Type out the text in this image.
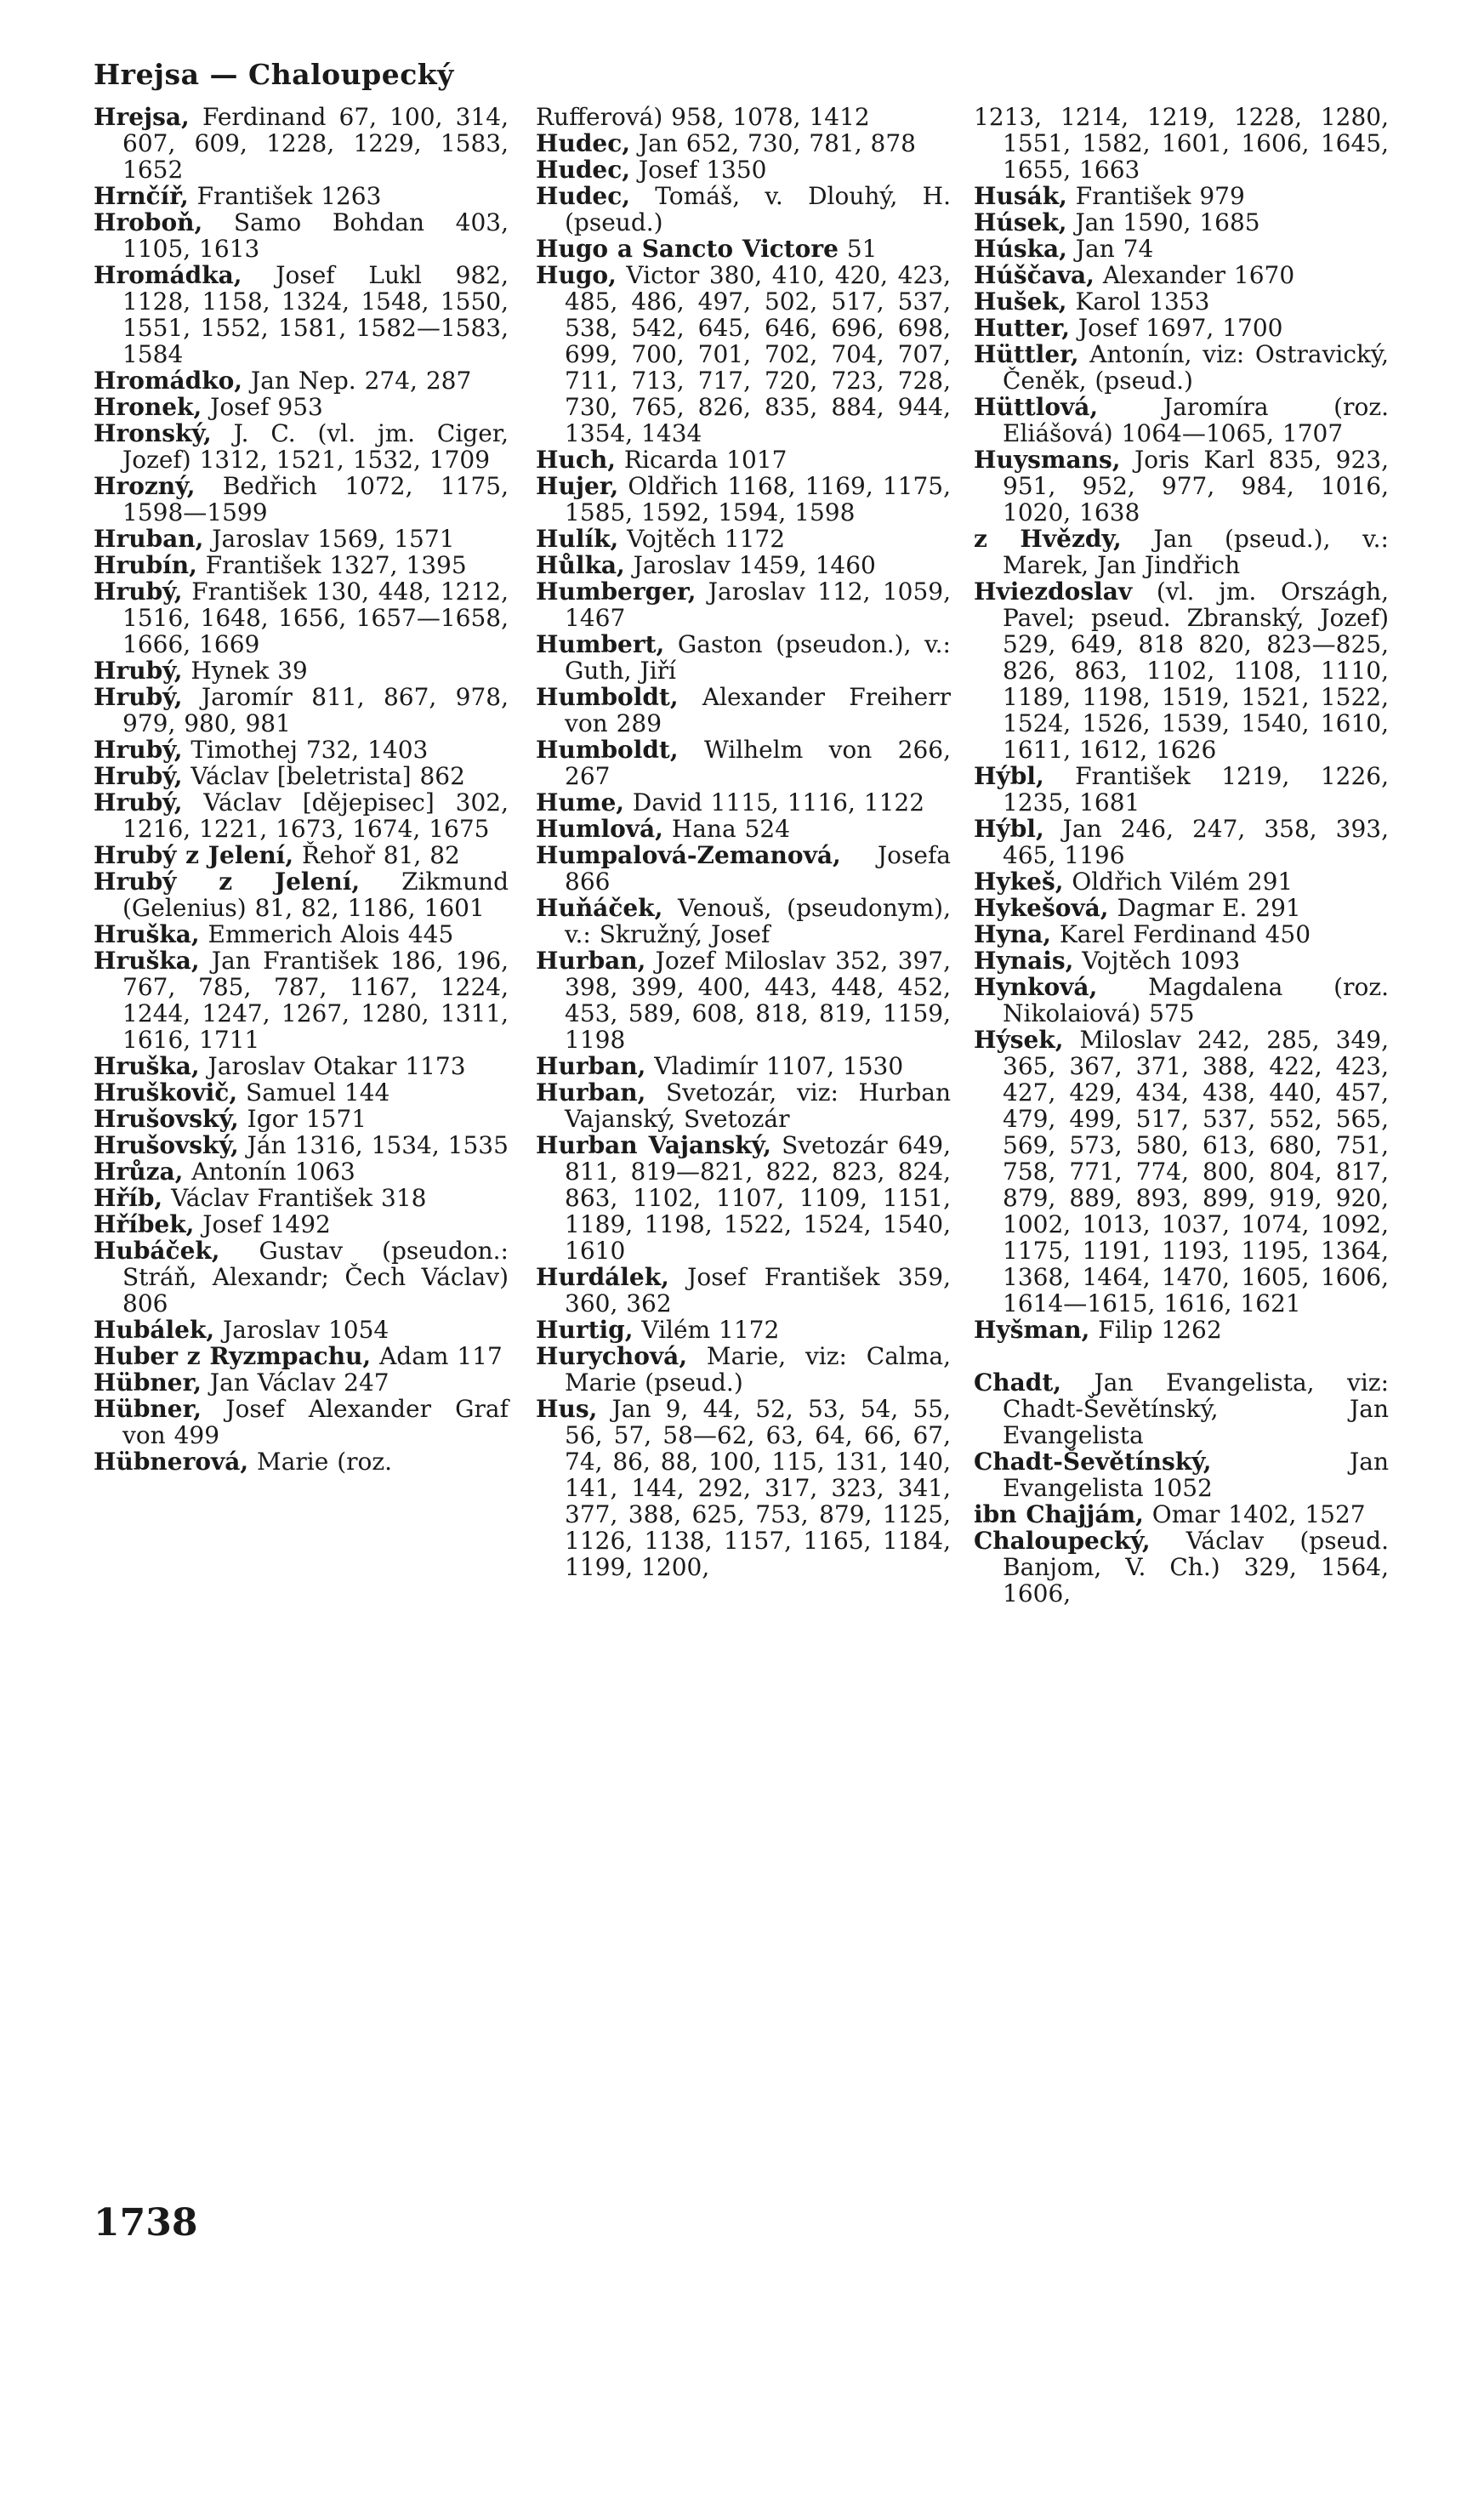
Hrejsa — Chaloupecký

Hrejsa, Ferdinand 67, 100, 314, 607, 609, 1228, 1229, 1583, 1652

Hrnčíř, František 1263

Hroboň, Samo Bohdan 403, 1105, 1613

Hromádka, Josef Lukl 982, 1128, 1158, 1324, 1548, 1550, 1551, 1552, 1581, 1582—1583, 1584

Hromádko, Jan Nep. 274, 287

Hronek, Josef 953

Hronský, J. C. (vl. jm. Ciger, Jozef) 1312, 1521, 1532, 1709

Hrozný, Bedřich 1072, 1175, 1598—1599

Hruban, Jaroslav 1569, 1571

Hrubín, František 1327, 1395

Hrubý, František 130, 448, 1212, 1516, 1648, 1656, 1657—1658, 1666, 1669

Hrubý, Hynek 39

Hrubý, Jaromír 811, 867, 978, 979, 980, 981

Hrubý, Timothej 732, 1403

Hrubý, Václav [beletrista] 862

Hrubý, Václav [dějepisec] 302, 1216, 1221, 1673, 1674, 1675

Hrubý z Jelení, Řehoř 81, 82

Hrubý z Jelení, Zikmund (Gelenius) 81, 82, 1186, 1601

Hruška, Emmerich Alois 445

Hruška, Jan František 186, 196, 767, 785, 787, 1167, 1224, 1244, 1247, 1267, 1280, 1311, 1616, 1711

Hruška, Jaroslav Otakar 1173

Hruškovič, Samuel 144

Hrušovský, Igor 1571

Hrušovský, Ján 1316, 1534, 1535

Hrůza, Antonín 1063

Hříb, Václav František 318

Hříbek, Josef 1492

Hubáček, Gustav (pseudon.: Stráň, Alexandr; Čech Václav) 806

Hubálek, Jaroslav 1054

Huber z Ryzmpachu, Adam 117

Hübner, Jan Václav 247

Hübner, Josef Alexander Graf von 499

Hübnerová, Marie (roz.

Rufferová) 958, 1078, 1412

Hudec, Jan 652, 730, 781, 878

Hudec, Josef 1350

Hudec, Tomáš, v. Dlouhý, H. (pseud.)

Hugo a Sancto Victore 51

Hugo, Victor 380, 410, 420, 423, 485, 486, 497, 502, 517, 537, 538, 542, 645, 646, 696, 698, 699, 700, 701, 702, 704, 707, 711, 713, 717, 720, 723, 728, 730, 765, 826, 835, 884, 944, 1354, 1434

Huch, Ricarda 1017

Hujer, Oldřich 1168, 1169, 1175, 1585, 1592, 1594, 1598

Hulík, Vojtěch 1172

Hůlka, Jaroslav 1459, 1460

Humberger, Jaroslav 112, 1059, 1467

Humbert, Gaston (pseudon.), v.: Guth, Jiří

Humboldt, Alexander Freiherr von 289

Humboldt, Wilhelm von 266, 267

Hume, David 1115, 1116, 1122

Humlová, Hana 524

Humpalová-Zemanová, Josefa 866

Huňáček, Venouš, (pseudonym), v.: Skružný, Josef

Hurban, Jozef Miloslav 352, 397, 398, 399, 400, 443, 448, 452, 453, 589, 608, 818, 819, 1159, 1198

Hurban, Vladimír 1107, 1530

Hurban, Svetozár, viz: Hurban Vajanský, Svetozár

Hurban Vajanský, Svetozár 649, 811, 819—821, 822, 823, 824, 863, 1102, 1107, 1109, 1151, 1189, 1198, 1522, 1524, 1540, 1610

Hurdálek, Josef František 359, 360, 362

Hurtig, Vilém 1172

Hurychová, Marie, viz: Calma, Marie (pseud.)

Hus, Jan 9, 44, 52, 53, 54, 55, 56, 57, 58—62, 63, 64, 66, 67, 74, 86, 88, 100, 115, 131, 140, 141, 144, 292, 317, 323, 341, 377, 388, 625, 753, 879, 1125, 1126, 1138, 1157, 1165, 1184, 1199, 1200,

1213, 1214, 1219, 1228, 1280, 1551, 1582, 1601, 1606, 1645, 1655, 1663

Husák, František 979

Húsek, Jan 1590, 1685

Húska, Jan 74

Húščava, Alexander 1670

Hušek, Karol 1353

Hutter, Josef 1697, 1700

Hüttler, Antonín, viz: Ostravický, Čeněk, (pseud.)

Hüttlová, Jaromíra (roz. Eliášová) 1064—1065, 1707

Huysmans, Joris Karl 835, 923, 951, 952, 977, 984, 1016, 1020, 1638

z Hvězdy, Jan (pseud.), v.: Marek, Jan Jindřich

Hviezdoslav (vl. jm. Országh, Pavel; pseud. Zbranský, Jozef) 529, 649, 818 820, 823—825, 826, 863, 1102, 1108, 1110, 1189, 1198, 1519, 1521, 1522, 1524, 1526, 1539, 1540, 1610, 1611, 1612, 1626

Hýbl, František 1219, 1226, 1235, 1681

Hýbl, Jan 246, 247, 358, 393, 465, 1196

Hykeš, Oldřich Vilém 291

Hykešová, Dagmar E. 291

Hyna, Karel Ferdinand 450

Hynais, Vojtěch 1093

Hynková, Magdalena (roz. Nikolaiová) 575

Hýsek, Miloslav 242, 285, 349, 365, 367, 371, 388, 422, 423, 427, 429, 434, 438, 440, 457, 479, 499, 517, 537, 552, 565, 569, 573, 580, 613, 680, 751, 758, 771, 774, 800, 804, 817, 879, 889, 893, 899, 919, 920, 1002, 1013, 1037, 1074, 1092, 1175, 1191, 1193, 1195, 1364, 1368, 1464, 1470, 1605, 1606, 1614—1615, 1616, 1621

Hyšman, Filip 1262

Chadt, Jan Evangelista, viz: Chadt-Ševětínský, Jan Evangelista

Chadt-Ševětínský, Jan Evangelista 1052

ibn Chajjám, Omar 1402, 1527

Chaloupecký, Václav (pseud. Banjom, V. Ch.) 329, 1564, 1606,

1738
